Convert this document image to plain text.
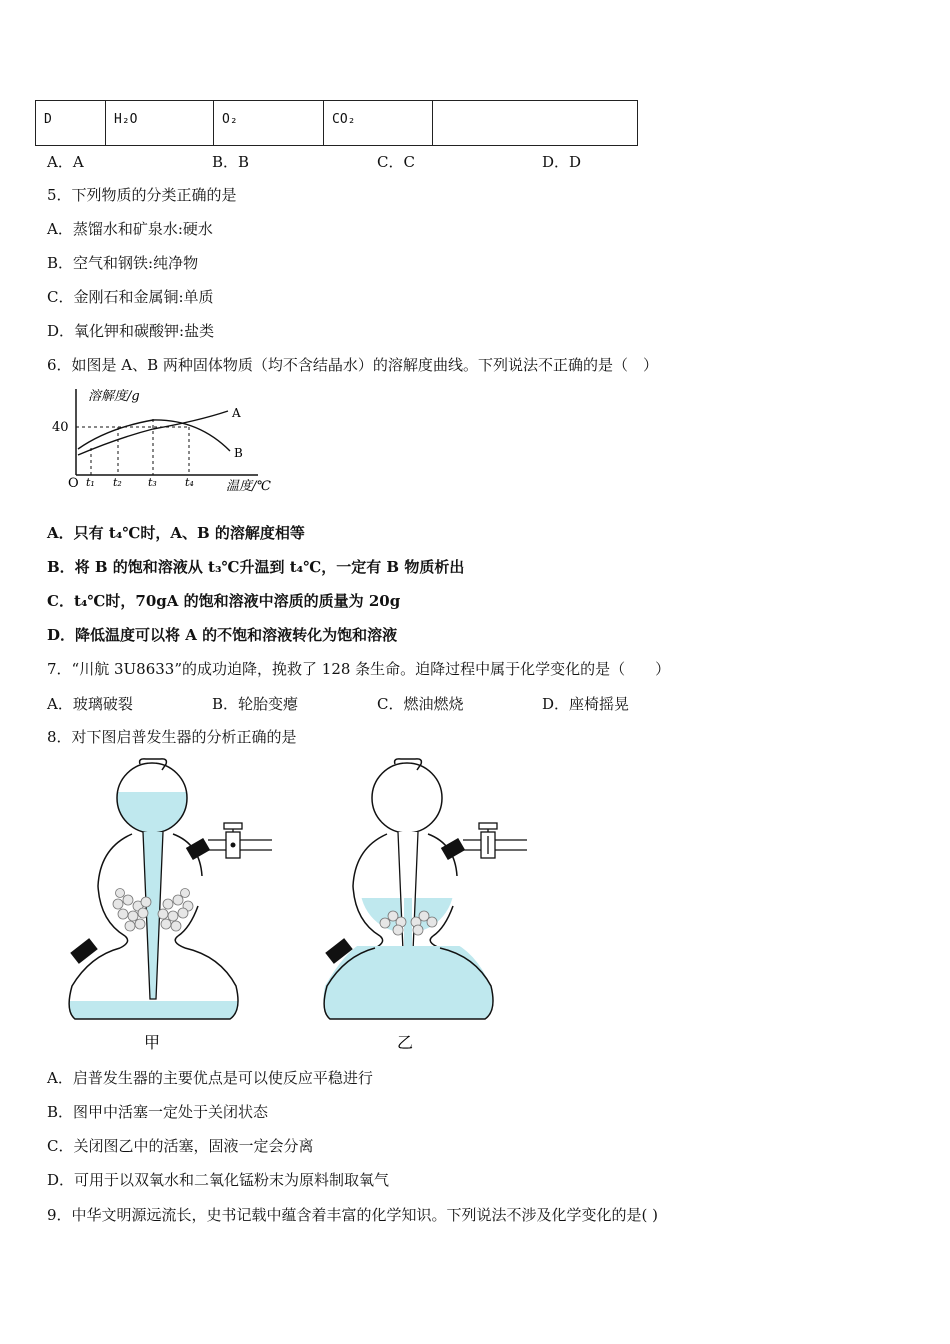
D	H₂O	O₂	CO₂	
A．A	B．B	C．C	D．D
5．下列物质的分类正确的是
A．蒸馏水和矿泉水:硬水
B．空气和钢铁:纯净物
C．金刚石和金属铜:单质
D．氧化钾和碳酸钾:盐类
6．如图是 A、B 两种固体物质（均不含结晶水）的溶解度曲线。下列说法不正确的是（　）
溶解度/g
40
O	温度/℃
A
B
t₁ t₂ t₃	t₄
A．只有 t₄℃时，A、B 的溶解度相等
B．将 B 的饱和溶液从 t₃℃升温到 t₄℃，一定有 B 物质析出
C．t₄℃时，70gA 的饱和溶液中溶质的质量为 20g
D．降低温度可以将 A 的不饱和溶液转化为饱和溶液
7．“川航 3U8633”的成功迫降，挽救了 128 条生命。迫降过程中属于化学变化的是（　　）
A．玻璃破裂	B．轮胎变瘪	C．燃油燃烧	D．座椅摇晃
8．对下图启普发生器的分析正确的是
甲	乙
A．启普发生器的主要优点是可以使反应平稳进行
B．图甲中活塞一定处于关闭状态
C．关闭图乙中的活塞，固液一定会分离
D．可用于以双氧水和二氧化锰粉末为原料制取氧气
9．中华文明源远流长，史书记载中蕴含着丰富的化学知识。下列说法不涉及化学变化的是( )
